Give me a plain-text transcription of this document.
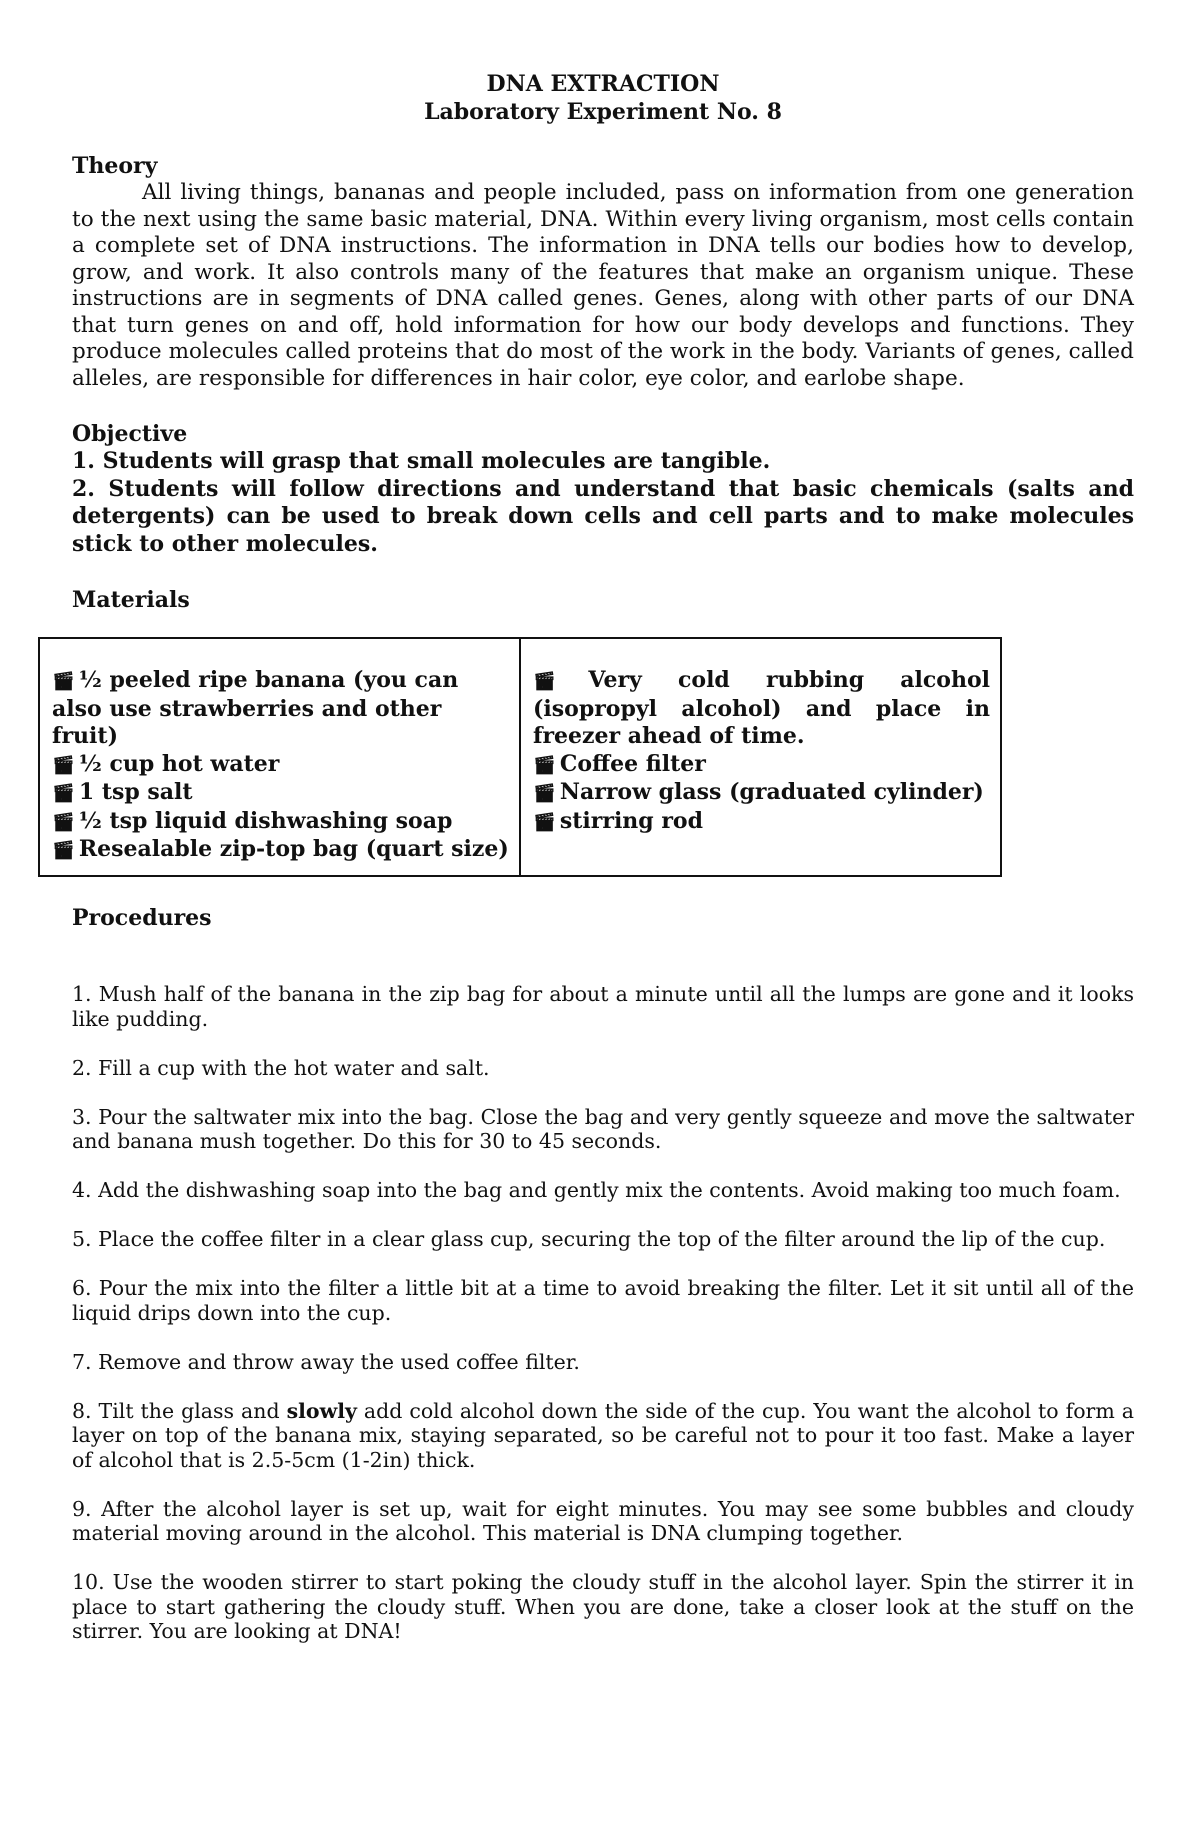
DNA EXTRACTION
Laboratory Experiment No. 8
Theory
All living things, bananas and people included, pass on information from one generation to the next using the same basic material, DNA. Within every living organism, most cells contain a complete set of DNA instructions. The information in DNA tells our bodies how to develop, grow, and work. It also controls many of the features that make an organism unique. These instructions are in segments of DNA called genes. Genes, along with other parts of our DNA that turn genes on and off, hold information for how our body develops and functions. They produce molecules called proteins that do most of the work in the body. Variants of genes, called alleles, are responsible for differences in hair color, eye color, and earlobe shape.
Objective

1. Students will grasp that small molecules are tangible.

2. Students will follow directions and understand that basic chemicals (salts and detergents) can be used to break down cells and cell parts and to make molecules stick to other molecules.

Materials
🎬︎ ½ peeled ripe banana (you can also use strawberries and other fruit)
🎬︎ ½ cup hot water
🎬︎ 1 tsp salt
🎬︎ ½ tsp liquid dishwashing soap
🎬︎ Resealable zip-top bag (quart size)

🎬︎ Very cold rubbing alcohol (isopropyl alcohol) and place in freezer ahead of time.
🎬︎ Coffee filter
🎬︎ Narrow glass (graduated cylinder)
🎬︎ stirring rod
Procedures

1. Mush half of the banana in the zip bag for about a minute until all the lumps are gone and it looks like pudding.

2. Fill a cup with the hot water and salt.

3. Pour the saltwater mix into the bag. Close the bag and very gently squeeze and move the saltwater and banana mush together. Do this for 30 to 45 seconds.

4. Add the dishwashing soap into the bag and gently mix the contents. Avoid making too much foam.

5. Place the coffee filter in a clear glass cup, securing the top of the filter around the lip of the cup.

6. Pour the mix into the filter a little bit at a time to avoid breaking the filter. Let it sit until all of the liquid drips down into the cup.

7. Remove and throw away the used coffee filter.

8. Tilt the glass and slowly add cold alcohol down the side of the cup. You want the alcohol to form a layer on top of the banana mix, staying separated, so be careful not to pour it too fast. Make a layer of alcohol that is 2.5-5cm (1-2in) thick.

9. After the alcohol layer is set up, wait for eight minutes. You may see some bubbles and cloudy material moving around in the alcohol. This material is DNA clumping together.

10. Use the wooden stirrer to start poking the cloudy stuff in the alcohol layer. Spin the stirrer it in place to start gathering the cloudy stuff. When you are done, take a closer look at the stuff on the stirrer. You are looking at DNA!
